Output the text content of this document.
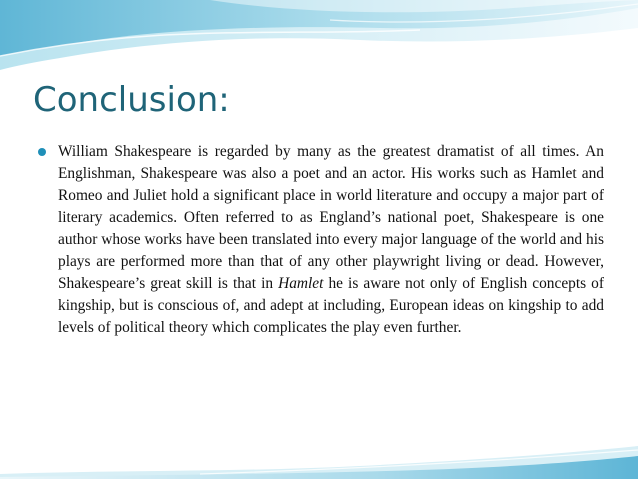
Conclusion:

William Shakespeare is regarded by many as the greatest dramatist of all times. An Englishman, Shakespeare was also a poet and an actor. His works such as Hamlet and Romeo and Juliet hold a significant place in world literature and occupy a major part of literary academics. Often referred to as England’s national poet, Shakespeare is one author whose works have been translated into every major language of the world and his plays are performed more than that of any other playwright living or dead. However, Shakespeare’s great skill is that in Hamlet he is aware not only of English concepts of kingship, but is conscious of, and adept at including, European ideas on kingship to add levels of political theory which complicates the play even further.
